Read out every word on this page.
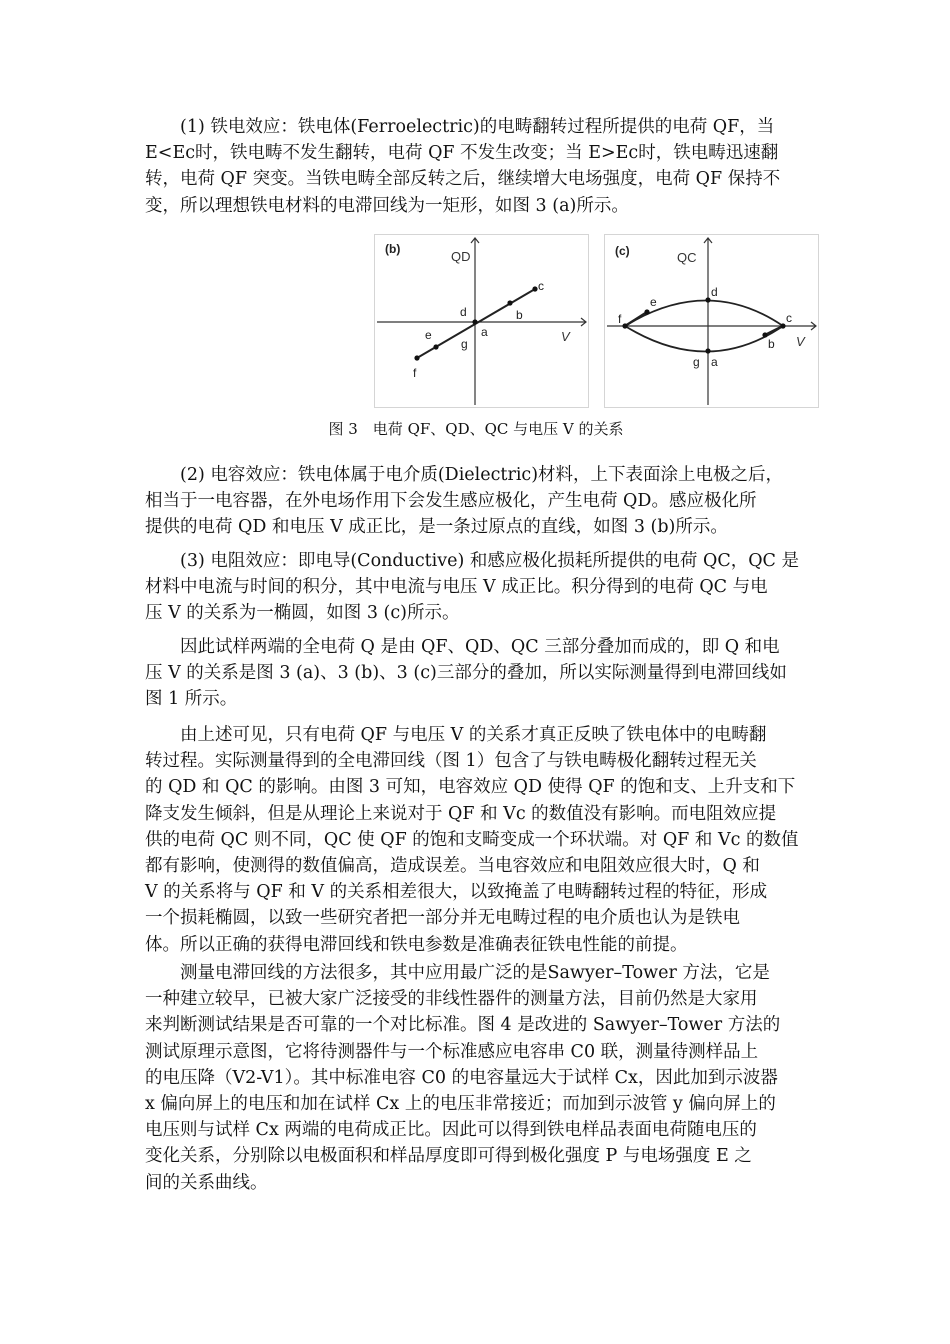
(1) 铁电效应：铁电体(Ferroelectric)的电畴翻转过程所提供的电荷 QF，当
E<Ec时，铁电畴不发生翻转，电荷 QF 不发生改变；当 E>Ec时，铁电畴迅速翻
转，电荷 QF 突变。当铁电畴全部反转之后，继续增大电场强度，电荷 QF 保持不
变，所以理想铁电材料的电滞回线为一矩形，如图 3 (a)所示。

(b)	QD
V
a
b
c
d
e
f
g
(c)	QC
V
a
b
c
d
e
f
g
图 3　电荷 QF、QD、QC 与电压 V 的关系

(2) 电容效应：铁电体属于电介质(Dielectric)材料，上下表面涂上电极之后，
相当于一电容器，在外电场作用下会发生感应极化，产生电荷 QD。感应极化所
提供的电荷 QD 和电压 V 成正比，是一条过原点的直线，如图 3 (b)所示。

(3) 电阻效应：即电导(Conductive) 和感应极化损耗所提供的电荷 QC，QC 是
材料中电流与时间的积分，其中电流与电压 V 成正比。积分得到的电荷 QC 与电
压 V 的关系为一椭圆，如图 3 (c)所示。

因此试样两端的全电荷 Q 是由 QF、QD、QC 三部分叠加而成的，即 Q 和电
压 V 的关系是图 3 (a)、3 (b)、3 (c)三部分的叠加，所以实际测量得到电滞回线如
图 1 所示。

由上述可见，只有电荷 QF 与电压 V 的关系才真正反映了铁电体中的电畴翻
转过程。实际测量得到的全电滞回线（图 1）包含了与铁电畴极化翻转过程无关
的 QD 和 QC 的影响。由图 3 可知，电容效应 QD 使得 QF 的饱和支、上升支和下
降支发生倾斜，但是从理论上来说对于 QF 和 Vc 的数值没有影响。而电阻效应提
供的电荷 QC 则不同，QC 使 QF 的饱和支畸变成一个环状端。对 QF 和 Vc 的数值
都有影响，使测得的数值偏高，造成误差。当电容效应和电阻效应很大时，Q 和
V 的关系将与 QF 和 V 的关系相差很大，以致掩盖了电畴翻转过程的特征，形成
一个损耗椭圆，以致一些研究者把一部分并无电畴过程的电介质也认为是铁电
体。所以正确的获得电滞回线和铁电参数是准确表征铁电性能的前提。

测量电滞回线的方法很多，其中应用最广泛的是Sawyer–Tower 方法，它是
一种建立较早，已被大家广泛接受的非线性器件的测量方法，目前仍然是大家用
来判断测试结果是否可靠的一个对比标准。图 4 是改进的 Sawyer–Tower 方法的
测试原理示意图，它将待测器件与一个标准感应电容串 C0 联，测量待测样品上
的电压降（V2-V1）。其中标准电容 C0 的电容量远大于试样 Cx，因此加到示波器
x 偏向屏上的电压和加在试样 Cx 上的电压非常接近；而加到示波管 y 偏向屏上的
电压则与试样 Cx 两端的电荷成正比。因此可以得到铁电样品表面电荷随电压的
变化关系，分别除以电极面积和样品厚度即可得到极化强度 P 与电场强度 E 之
间的关系曲线。
